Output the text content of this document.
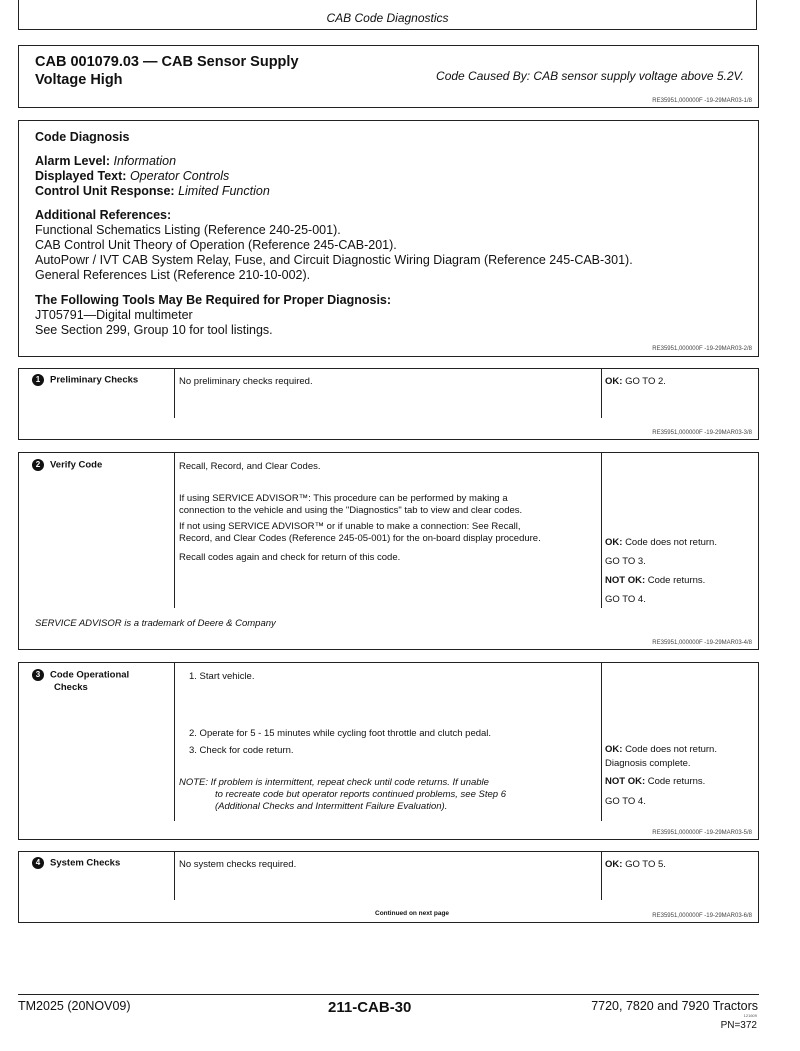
CAB Code Diagnostics
CAB 001079.03 — CAB Sensor Supply
Voltage High	Code Caused By: CAB sensor supply voltage above 5.2V.
RE35951,000000F -19-29MAR03-1/8
Code Diagnosis
Alarm Level: Information
Displayed Text: Operator Controls
Control Unit Response: Limited Function
Additional References:
Functional Schematics Listing (Reference 240-25-001).
CAB Control Unit Theory of Operation (Reference 245-CAB-201).
AutoPowr / IVT CAB System Relay, Fuse, and Circuit Diagnostic Wiring Diagram (Reference 245-CAB-301).
General References List (Reference 210-10-002).
The Following Tools May Be Required for Proper Diagnosis:
JT05791—Digital multimeter
See Section 299, Group 10 for tool listings.
RE35951,000000F -19-29MAR03-2/8
1 Preliminary Checks	No preliminary checks required.	OK: GO TO 2.
RE35951,000000F -19-29MAR03-3/8
2 Verify Code	Recall, Record, and Clear Codes.
If using SERVICE ADVISOR™: This procedure can be performed by making a
connection to the vehicle and using the "Diagnostics" tab to view and clear codes.
If not using SERVICE ADVISOR™ or if unable to make a connection: See Recall,
Record, and Clear Codes (Reference 245-05-001) for the on-board display procedure.
Recall codes again and check for return of this code.
OK: Code does not return.
GO TO 3.
NOT OK: Code returns.
GO TO 4.
SERVICE ADVISOR is a trademark of Deere & Company
RE35951,000000F -19-29MAR03-4/8
3 Code Operational
Checks
1. Start vehicle.
2. Operate for 5 - 15 minutes while cycling foot throttle and clutch pedal.
3. Check for code return.
NOTE: If problem is intermittent, repeat check until code returns. If unable
to recreate code but operator reports continued problems, see Step 6
(Additional Checks and Intermittent Failure Evaluation).
OK: Code does not return.
Diagnosis complete.
NOT OK: Code returns.
GO TO 4.
RE35951,000000F -19-29MAR03-5/8
4 System Checks	No system checks required.	OK: GO TO 5.
Continued on next page	RE35951,000000F -19-29MAR03-6/8
TM2025 (20NOV09)	211-CAB-30	7720, 7820 and 7920 Tractors
121609
PN=372
